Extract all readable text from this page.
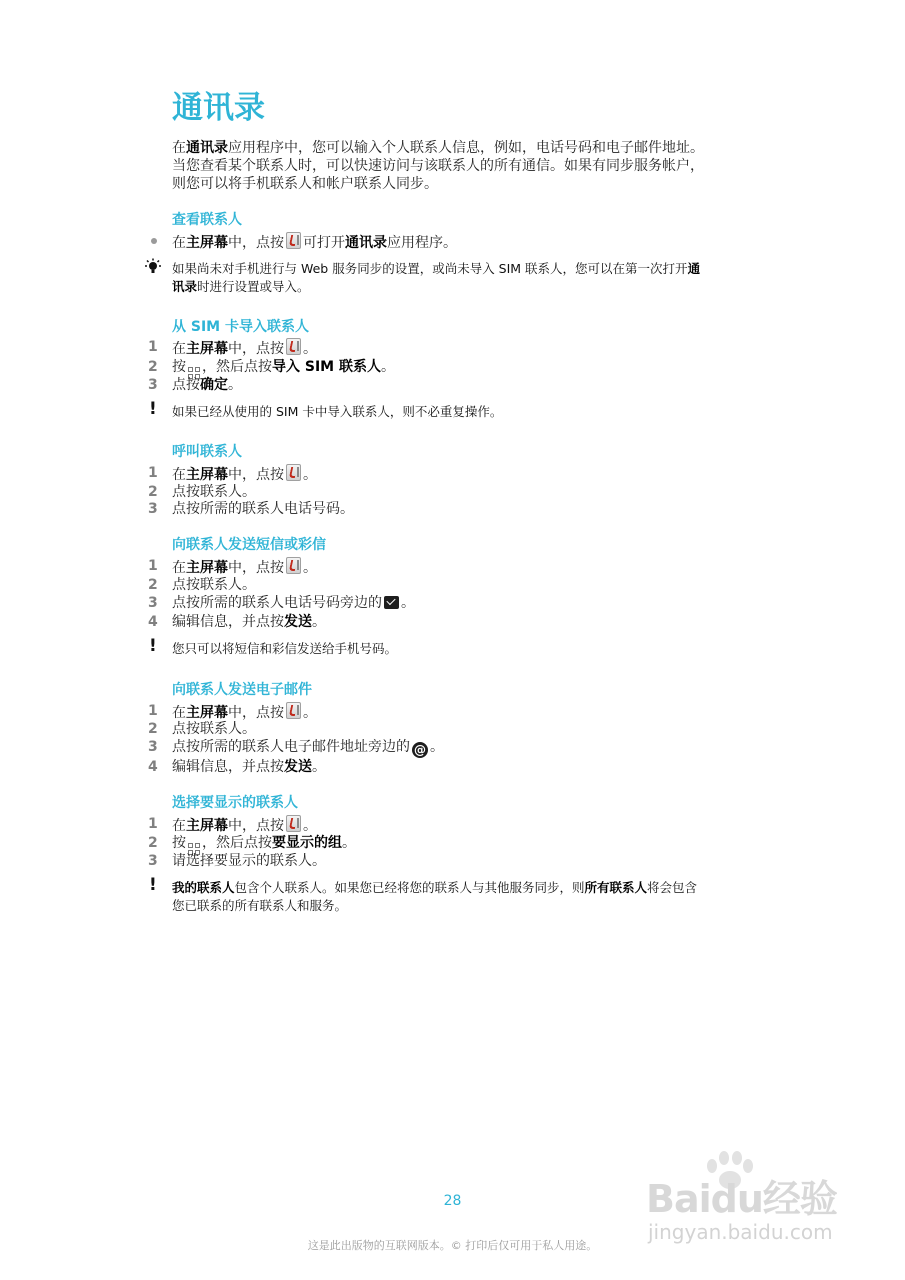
通讯录

在通讯录应用程序中，您可以输入个人联系人信息，例如，电话号码和电子邮件地址。

当您查看某个联系人时，可以快速访问与该联系人的所有通信。如果有同步服务帐户，

则您可以将手机联系人和帐户联系人同步。

查看联系人
在主屏幕中，点按 可打开通讯录应用程序。
如果尚未对手机进行与 Web 服务同步的设置，或尚未导入 SIM 联系人，您可以在第一次打开通
讯录时进行设置或导入。
从 SIM 卡导入联系人
1	在主屏幕中，点按 。
2	按 ，然后点按导入 SIM 联系人。
3	点按确定。
! 如果已经从使用的 SIM 卡中导入联系人，则不必重复操作。
呼叫联系人
1	在主屏幕中，点按 。
2	点按联系人。
3	点按所需的联系人电话号码。
向联系人发送短信或彩信
1	在主屏幕中，点按 。
2	点按联系人。
3	点按所需的联系人电话号码旁边的 。
4	编辑信息，并点按发送。
! 您只可以将短信和彩信发送给手机号码。
向联系人发送电子邮件
1	在主屏幕中，点按 。
2	点按联系人。
3	点按所需的联系人电子邮件地址旁边的 @ 。
4	编辑信息，并点按发送。
选择要显示的联系人
1	在主屏幕中，点按 。
2	按 ，然后点按要显示的组。
3	请选择要显示的联系人。
! 我的联系人包含个人联系人。如果您已经将您的联系人与其他服务同步，则所有联系人将会包含
您已联系的所有联系人和服务。
28
这是此出版物的互联网版本。© 打印后仅可用于私人用途。
Baidu经验
jingyan.baidu.com
